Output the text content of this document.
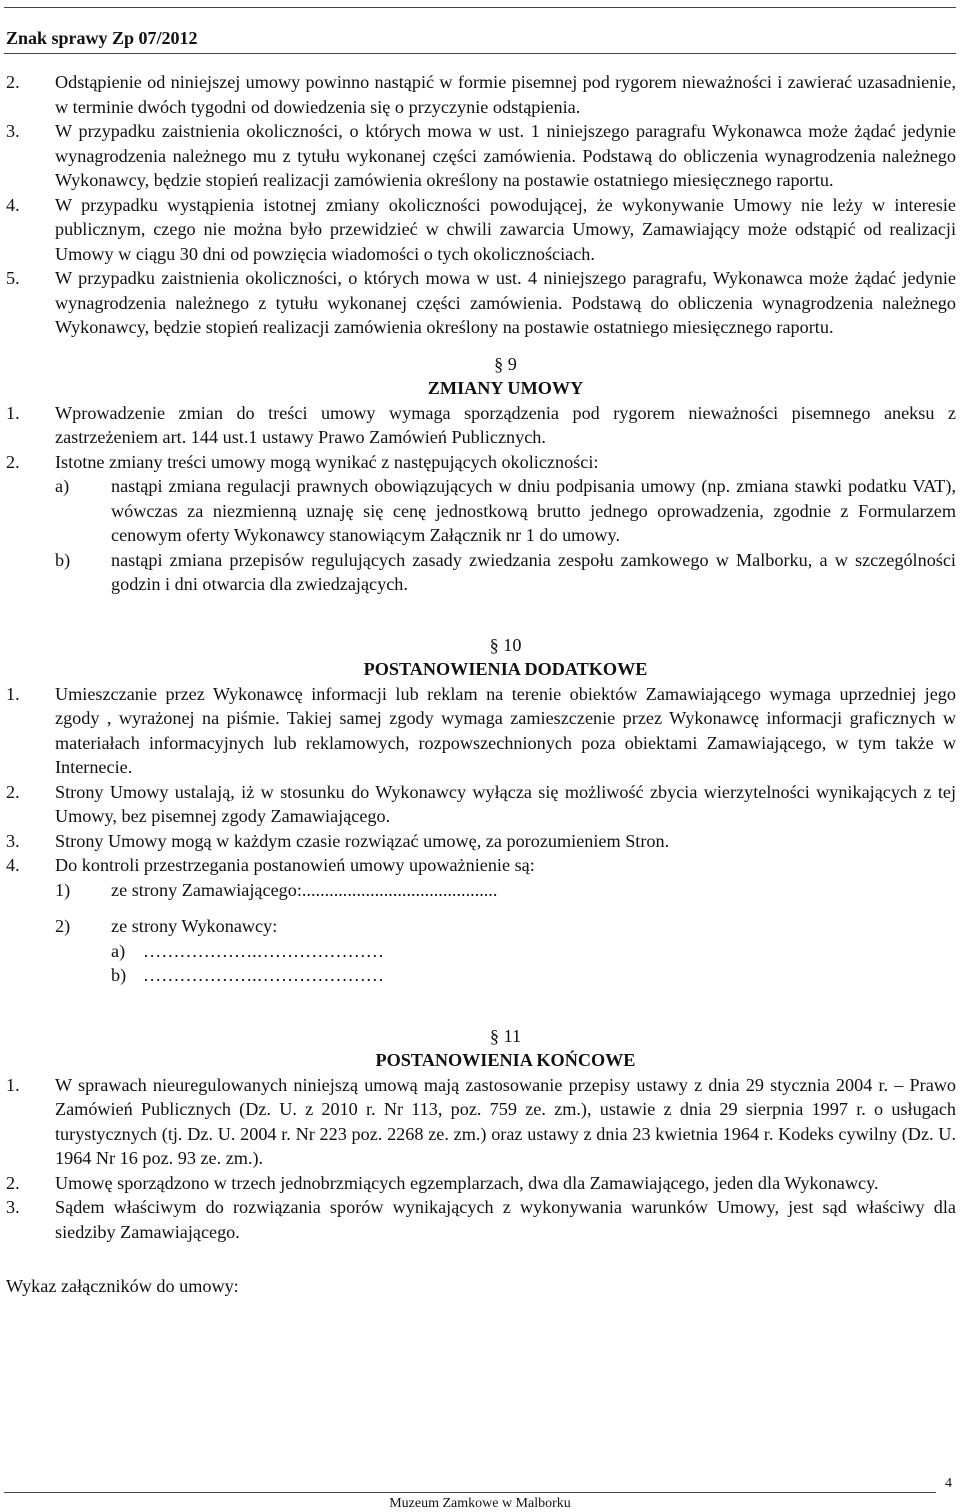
Znak sprawy Zp 07/2012
2.	Odstąpienie od niniejszej umowy powinno nastąpić w formie pisemnej pod rygorem nieważności i zawierać uzasadnienie, w terminie dwóch tygodni od dowiedzenia się o przyczynie odstąpienia.
3.	W przypadku zaistnienia okoliczności, o których mowa w ust. 1 niniejszego paragrafu Wykonawca może żądać jedynie wynagrodzenia należnego mu z tytułu wykonanej części zamówienia. Podstawą do obliczenia wynagrodzenia należnego Wykonawcy, będzie stopień realizacji zamówienia określony na postawie ostatniego miesięcznego raportu.
4.	W przypadku wystąpienia istotnej zmiany okoliczności powodującej, że wykonywanie Umowy nie leży w interesie publicznym, czego nie można było przewidzieć w chwili zawarcia Umowy, Zamawiający może odstąpić od realizacji Umowy w ciągu 30 dni od powzięcia wiadomości o tych okolicznościach.
5.	W przypadku zaistnienia okoliczności, o których mowa w ust. 4 niniejszego paragrafu, Wykonawca może żądać jedynie wynagrodzenia należnego z tytułu wykonanej części zamówienia. Podstawą do obliczenia wynagrodzenia należnego Wykonawcy, będzie stopień realizacji zamówienia określony na postawie ostatniego miesięcznego raportu.
§ 9
ZMIANY UMOWY
1.	Wprowadzenie zmian do treści umowy wymaga sporządzenia pod rygorem nieważności pisemnego aneksu z zastrzeżeniem art. 144 ust.1 ustawy Prawo Zamówień Publicznych.
2.	Istotne zmiany treści umowy mogą wynikać z następujących okoliczności:
a)	nastąpi zmiana regulacji prawnych obowiązujących w dniu podpisania umowy (np. zmiana stawki podatku VAT), wówczas za niezmienną uznaję się cenę jednostkową brutto jednego oprowadzenia, zgodnie z Formularzem cenowym oferty Wykonawcy stanowiącym Załącznik nr 1 do umowy.
b)	nastąpi zmiana przepisów regulujących zasady zwiedzania zespołu zamkowego w Malborku, a w szczególności godzin i dni otwarcia dla zwiedzających.
§ 10
POSTANOWIENIA DODATKOWE
1.	Umieszczanie przez Wykonawcę informacji lub reklam na terenie obiektów Zamawiającego wymaga uprzedniej jego zgody , wyrażonej na piśmie. Takiej samej zgody wymaga zamieszczenie przez Wykonawcę informacji graficznych w materiałach informacyjnych lub reklamowych, rozpowszechnionych poza obiektami Zamawiającego, w tym także w Internecie.
2.	Strony Umowy ustalają, iż w stosunku do Wykonawcy wyłącza się możliwość zbycia wierzytelności wynikających z tej Umowy, bez pisemnej zgody Zamawiającego.
3.	Strony Umowy mogą w każdym czasie rozwiązać umowę, za porozumieniem Stron.
4.	Do kontroli przestrzegania postanowień umowy upoważnienie są:
1)	ze strony Zamawiającego:...........................................
2)	ze strony Wykonawcy:
a) ……………….…………………
b) ……………….…………………
§ 11
POSTANOWIENIA KOŃCOWE
1.	W sprawach nieuregulowanych niniejszą umową mają zastosowanie przepisy ustawy z dnia 29 stycznia 2004 r. – Prawo Zamówień Publicznych (Dz. U. z 2010 r. Nr 113, poz. 759 ze. zm.), ustawie z dnia 29 sierpnia 1997 r. o usługach turystycznych (tj. Dz. U. 2004 r. Nr 223 poz. 2268 ze. zm.) oraz ustawy z dnia 23 kwietnia 1964 r. Kodeks cywilny (Dz. U. 1964 Nr 16 poz. 93 ze. zm.).
2.	Umowę sporządzono w trzech jednobrzmiących egzemplarzach, dwa dla Zamawiającego, jeden dla Wykonawcy.
3.	Sądem właściwym do rozwiązania sporów wynikających z wykonywania warunków Umowy, jest sąd właściwy dla siedziby Zamawiającego.
Wykaz załączników do umowy:
4
Muzeum Zamkowe w Malborku
